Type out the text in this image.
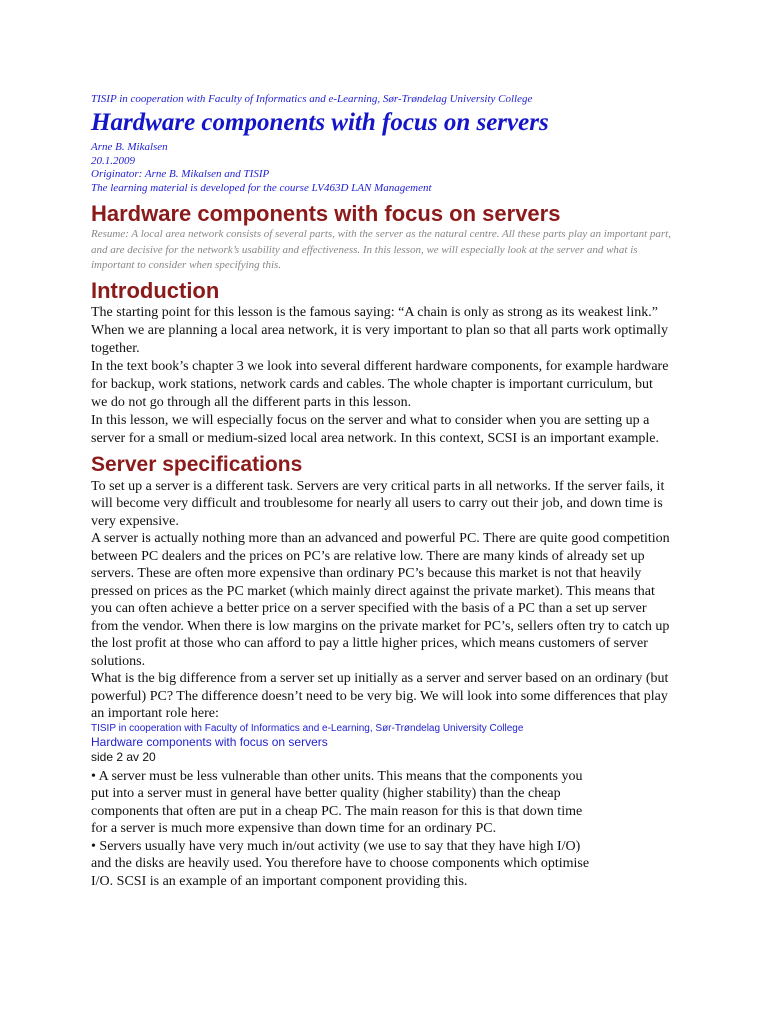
TISIP in cooperation with Faculty of Informatics and e-Learning, Sør-Trøndelag University College
Hardware components with focus on servers
Arne B. Mikalsen
20.1.2009
Originator: Arne B. Mikalsen and TISIP
The learning material is developed for the course LV463D LAN Management
Hardware components with focus on servers
Resume: A local area network consists of several parts, with the server as the natural centre. All these parts play an important part, and are decisive for the network’s usability and effectiveness. In this lesson, we will especially look at the server and what is important to consider when specifying this.
Introduction

The starting point for this lesson is the famous saying: “A chain is only as strong as its weakest link.” When we are planning a local area network, it is very important to plan so that all parts work optimally together.

In the text book’s chapter 3 we look into several different hardware components, for example hardware for backup, work stations, network cards and cables. The whole chapter is important curriculum, but we do not go through all the different parts in this lesson.

In this lesson, we will especially focus on the server and what to consider when you are setting up a server for a small or medium-sized local area network. In this context, SCSI is an important example.

Server specifications

To set up a server is a different task. Servers are very critical parts in all networks. If the server fails, it will become very difficult and troublesome for nearly all users to carry out their job, and down time is very expensive.

A server is actually nothing more than an advanced and powerful PC. There are quite good competition between PC dealers and the prices on PC’s are relative low. There are many kinds of already set up servers. These are often more expensive than ordinary PC’s because this market is not that heavily pressed on prices as the PC market (which mainly direct against the private market). This means that you can often achieve a better price on a server specified with the basis of a PC than a set up server from the vendor. When there is low margins on the private market for PC’s, sellers often try to catch up the lost profit at those who can afford to pay a little higher prices, which means customers of server solutions.

What is the big difference from a server set up initially as a server and server based on an ordinary (but powerful) PC? The difference doesn’t need to be very big. We will look into some differences that play an important role here:

TISIP in cooperation with Faculty of Informatics and e-Learning, Sør-Trøndelag University College
Hardware components with focus on servers
side 2 av 20
• A server must be less vulnerable than other units. This means that the components you put into a server must in general have better quality (higher stability) than the cheap components that often are put in a cheap PC. The main reason for this is that down time for a server is much more expensive than down time for an ordinary PC.
• Servers usually have very much in/out activity (we use to say that they have high I/O) and the disks are heavily used. You therefore have to choose components which optimise I/O. SCSI is an example of an important component providing this.
